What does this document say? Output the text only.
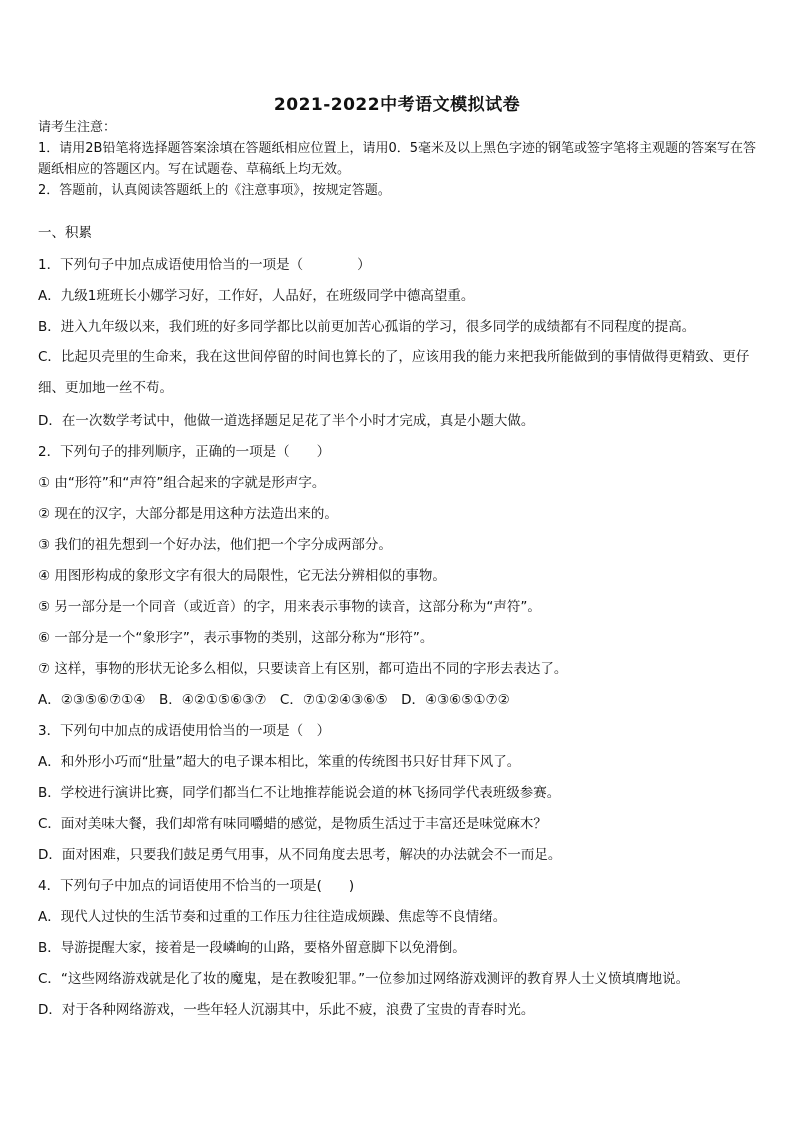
2021-2022中考语文模拟试卷

请考生注意：

1．请用2B铅笔将选择题答案涂填在答题纸相应位置上，请用0．5毫米及以上黑色字迹的钢笔或签字笔将主观题的答案写在答题纸相应的答题区内。写在试题卷、草稿纸上均无效。

2．答题前，认真阅读答题纸上的《注意事项》，按规定答题。

一、积累

1．下列句子中加点成语使用恰当的一项是（　　　　）

A．九级1班班长小娜学习好，工作好，人品好，在班级同学中德高望重。

B．进入九年级以来，我们班的好多同学都比以前更加苦心孤诣的学习，很多同学的成绩都有不同程度的提高。

C．比起贝壳里的生命来，我在这世间停留的时间也算长的了，应该用我的能力来把我所能做到的事情做得更精致、更仔细、更加地一丝不苟。

D．在一次数学考试中，他做一道选择题足足花了半个小时才完成，真是小题大做。

2．下列句子的排列顺序，正确的一项是（　　）

① 由“形符”和“声符”组合起来的字就是形声字。

② 现在的汉字，大部分都是用这种方法造出来的。

③ 我们的祖先想到一个好办法，他们把一个字分成两部分。

④ 用图形构成的象形文字有很大的局限性，它无法分辨相似的事物。

⑤ 另一部分是一个同音（或近音）的字，用来表示事物的读音，这部分称为“声符”。

⑥ 一部分是一个“象形字”，表示事物的类别，这部分称为“形符”。

⑦ 这样，事物的形状无论多么相似，只要读音上有区别，都可造出不同的字形去表达了。

A．②③⑤⑥⑦①④　B．④②①⑤⑥③⑦　C．⑦①②④③⑥⑤　D．④③⑥⑤①⑦②

3．下列句中加点的成语使用恰当的一项是（　）

A．和外形小巧而“肚量”超大的电子课本相比，笨重的传统图书只好甘拜下风了。

B．学校进行演讲比赛，同学们都当仁不让地推荐能说会道的林飞扬同学代表班级参赛。

C．面对美味大餐，我们却常有味同嚼蜡的感觉，是物质生活过于丰富还是味觉麻木？

D．面对困难，只要我们鼓足勇气用事，从不同角度去思考，解决的办法就会不一而足。

4．下列句子中加点的词语使用不恰当的一项是(　　)

A．现代人过快的生活节奏和过重的工作压力往往造成烦躁、焦虑等不良情绪。

B．导游提醒大家，接着是一段嶙峋的山路，要格外留意脚下以免滑倒。

C．“这些网络游戏就是化了妆的魔鬼，是在教唆犯罪。”一位参加过网络游戏测评的教育界人士义愤填膺地说。

D．对于各种网络游戏，一些年轻人沉溺其中，乐此不疲，浪费了宝贵的青春时光。
